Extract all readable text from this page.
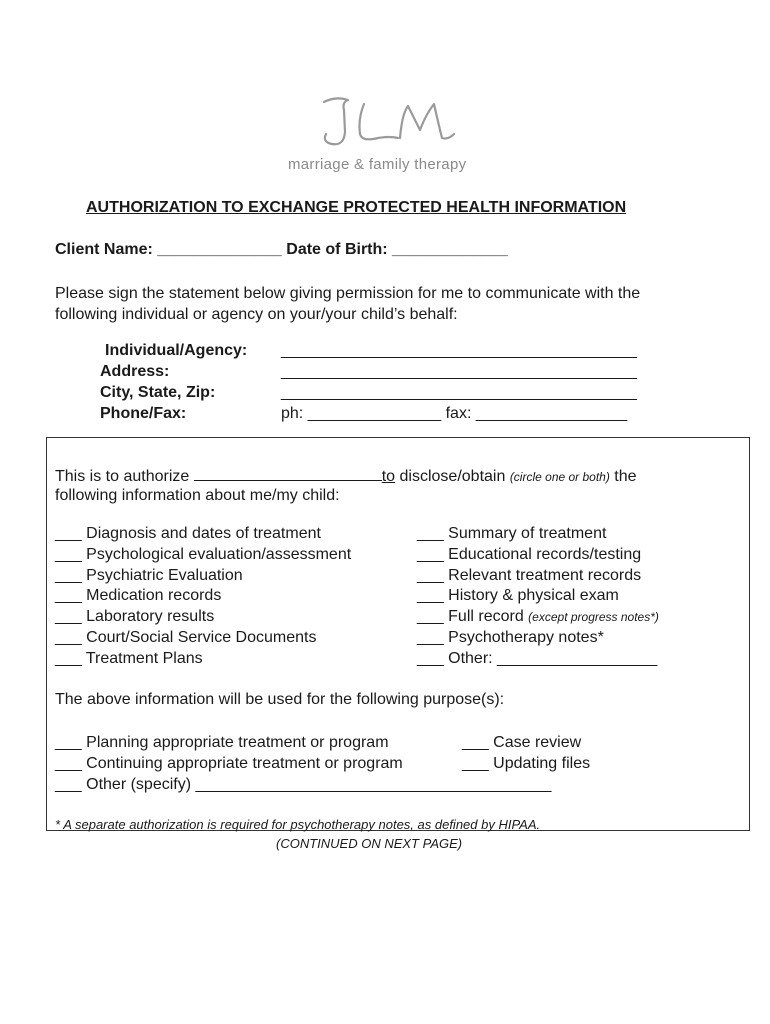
marriage & family therapy
AUTHORIZATION TO EXCHANGE PROTECTED HEALTH INFORMATION
Client Name: ______________ Date of Birth: _____________
Please sign the statement below giving permission for me to communicate with the
following individual or agency on your/your child’s behalf:
Individual/Agency: ________________________________________
Address:	________________________________________
City, State, Zip:	________________________________________
Phone/Fax:	ph: _______________ fax: _________________
This is to authorize	to disclose/obtain (circle one or both) the
following information about me/my child:
___ Diagnosis and dates of treatment
___ Psychological evaluation/assessment
___ Psychiatric Evaluation
___ Medication records
___ Laboratory results
___ Court/Social Service Documents
___ Treatment Plans
___ Summary of treatment
___ Educational records/testing
___ Relevant treatment records
___ History & physical exam
___ Full record (except progress notes*)
___ Psychotherapy notes*
___ Other: __________________
The above information will be used for the following purpose(s):
___ Planning appropriate treatment or program
___ Continuing appropriate treatment or program
___ Other (specify) ________________________________________
___ Case review
___ Updating files
* A separate authorization is required for psychotherapy notes, as defined by HIPAA.
(CONTINUED ON NEXT PAGE)
